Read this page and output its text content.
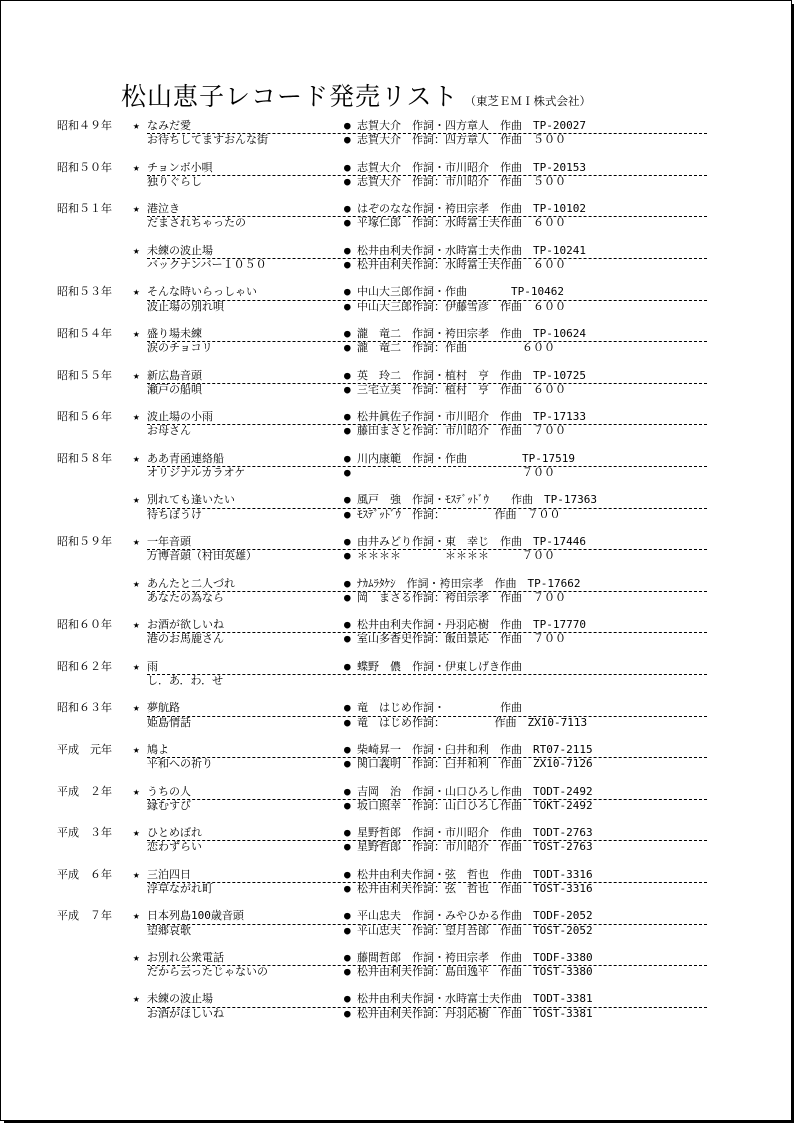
松山恵子レコード発売リスト （東芝ＥＭＩ株式会社）
昭和４９年 ★ なみだ愛	● 志賀大介　作詞・四方章人　作曲　TP-20027
お待ちしてますおんな街	● 志賀大介　作詞：四方章人　作曲　５００
昭和５０年 ★ チョンボ小唄	● 志賀大介　作詞・市川昭介　作曲　TP-20153
独りぐらし	● 志賀大介　作詞：市川昭介　作曲　５００
昭和５１年 ★ 港泣き	● はぞのなな作詞・袴田宗孝　作曲　TP-10102
だまされちゃったの	● 平塚仁郎　作詞：水時富士夫作曲　６００
★ 未練の波止場	● 松井由利夫作詞・水時富士夫作曲　TP-10241
バックナンバー１０５０	● 松井由利夫作詞：水時富士夫作曲　６００
昭和５３年 ★ そんな時いらっしゃい	● 中山大三郎作詞・作曲　　　　TP-10462
波止場の別れ唄	● 中山大三郎作詞：伊藤雪彦　作曲　６００
昭和５４年 ★ 盛り場未練	● 瀧　竜二　作詞・袴田宗孝　作曲　TP-10624
涙のチョコリ	● 瀧　竜二　作詞：作曲　　　　　６００
昭和５５年 ★ 新広島音頭	● 英　玲二　作詞・植村　亨　作曲　TP-10725
瀬戸の船唄	● 三宅立美　作詞：植村　亨　作曲　６００
昭和５６年 ★ 波止場の小雨	● 松井眞佐子作詞・市川昭介　作曲　TP-17133
お母さん	● 藤田まさと作詞：市川昭介　作曲　７００
昭和５８年 ★ ああ青函連絡船	● 川内康範　作詞・作曲　　　　　TP-17519
オリジナルカラオケ	● 　　　　　　　　　　　　　　　７００
★ 別れても逢いたい	● 風戸　強　作詞・ﾓｽﾃﾞｯﾄﾞｳ　　作曲　TP-17363
待ちぼうけ	● ﾓｽﾃﾞｯﾄﾞｳ　作詞：　　　　　作曲　７００
昭和５９年 ★ 一年音頭	● 由井みどり作詞・東　幸じ　作曲　TP-17446
万博音頭（村田英雄）	● ＊＊＊＊　　　　＊＊＊＊　　　７００
★ あんたと二人づれ	● ﾅｶﾑﾗﾀｹｼ　作詞・袴田宗孝　作曲　TP-17662
あなたの為なら	● 岡　まさる作詞：袴田宗孝　作曲　７００
昭和６０年 ★ お酒が欲しいね	● 松井由利夫作詞・丹羽応樹　作曲　TP-17770
港のお馬鹿さん	● 室山多香史作詞：飯田景応　作曲　７００
昭和６２年 ★ 雨	● 蝶野　儂　作詞・伊東しげき作曲
し．あ．わ．せ
昭和６３年 ★ 夢航路	● 竜　はじめ作詞・　　　　　作曲
姫島情話	● 竜　はじめ作詞：　　　　　作曲　ZX10-7113
平成　元年 ★ 鳩よ	● 柴崎昇一　作詞・臼井和利　作曲　RT07-2115
平和への祈り	● 関口義明　作詞：臼井和利　作曲　ZX10-7126
平成　２年 ★ うちの人	● 吉岡　治　作詞・山口ひろし作曲　TODT-2492
縁むすび	● 坂口照幸　作詞：山口ひろし作曲　TOKT-2492
平成　３年 ★ ひとめぼれ	● 星野哲郎　作詞・市川昭介　作曲　TODT-2763
恋わずらい	● 星野哲郎　作詞：市川昭介　作曲　TOST-2763
平成　６年 ★ 三泊四日	● 松井由利夫作詞・弦　哲也　作曲　TODT-3316
浮草ながれ町	● 松井由利夫作詞：弦　哲也　作曲　TOST-3316
平成　７年 ★ 日本列島100歳音頭	● 平山忠夫　作詞・みやひかる作曲　TODF-2052
望郷哀歌	● 平山忠夫　作詞：望月吾郎　作曲　TOST-2052
★ お別れ公衆電話	● 藤間哲郎　作詞・袴田宗孝　作曲　TODF-3380
だから云ったじゃないの	● 松井由利夫作詞：島田逸平　作曲　TOST-3380
★ 未練の波止場	● 松井由利夫作詞・水時富士夫作曲　TODT-3381
お酒がほしいね	● 松井由利夫作詞：丹羽応樹　作曲　TOST-3381
